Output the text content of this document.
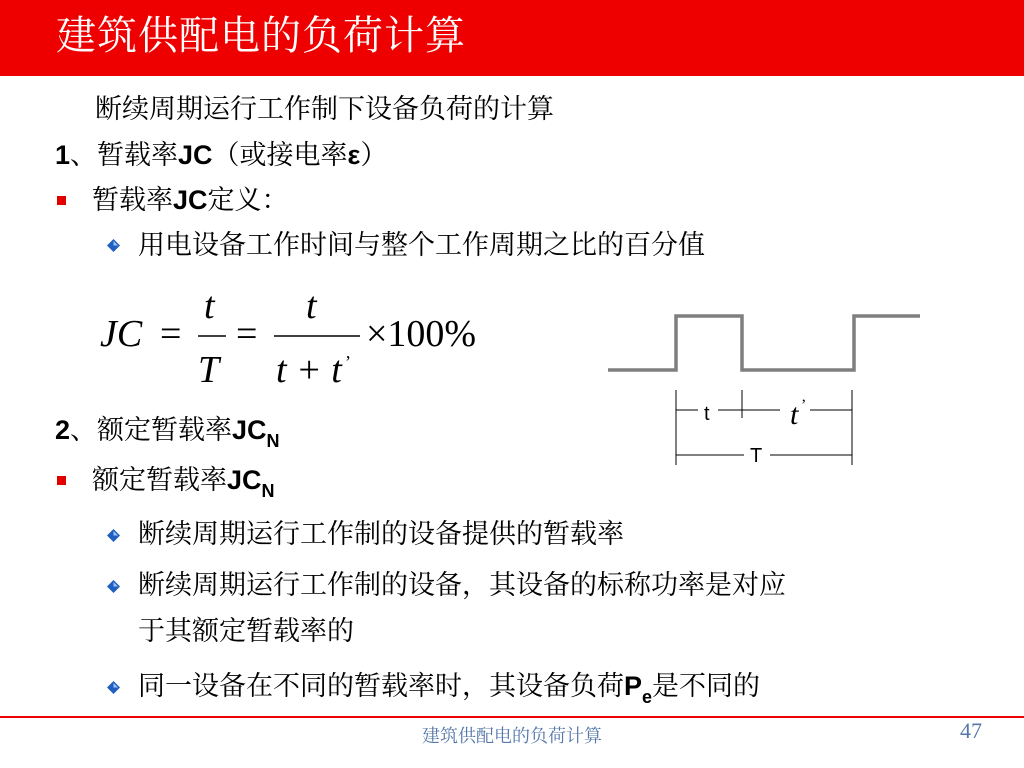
建筑供配电的负荷计算
断续周期运行工作制下设备负荷的计算
1、暂载率JC（或接电率ε）
暂载率JC定义：
用电设备工作时间与整个工作周期之比的百分值
JC =
t
T
=
t
t + t ’
×100%
t	t ’
T
2、额定暂载率$JC_N$
额定暂载率$JC_N$
断续周期运行工作制的设备提供的暂载率
断续周期运行工作制的设备，其设备的标称功率是对应
于其额定暂载率的
同一设备在不同的暂载率时，其设备负荷$P_e$是不同的
建筑供配电的负荷计算	47
